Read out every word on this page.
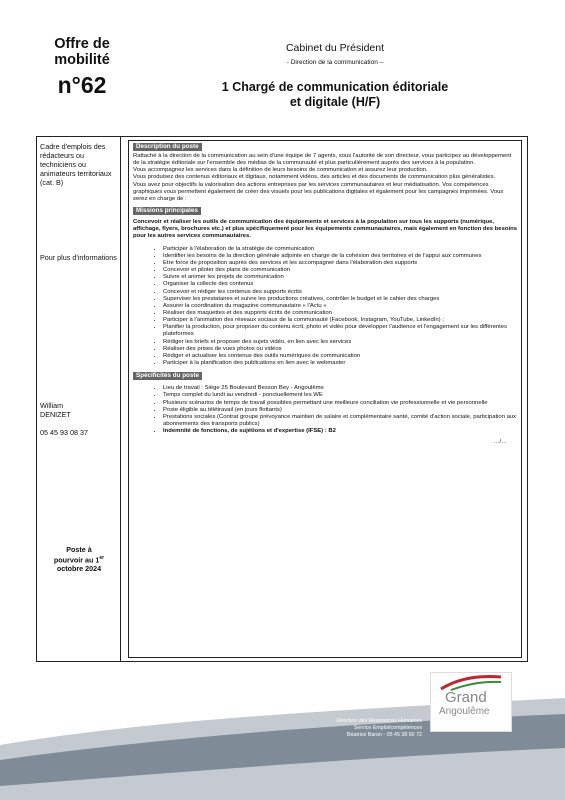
Offre de
mobilité
n°62
Cabinet du Président
- Direction de la communication –
1 Chargé de communication éditoriale
et digitale (H/F)
Cadre d'emplois des rédacteurs ou techniciens ou animateurs territoriaux (cat. B)
Pour plus d'informations
William

DENIZET

05 45 93 08 37
Poste à
pourvoir au 1er
octobre 2024
Description du poste

Rattaché à la direction de la communication au sein d'une équipe de 7 agents, sous l'autorité de son directeur, vous participez au développement de la stratégie éditoriale sur l'ensemble des médias de la communauté et plus particulièrement auprès des services à la population.

Vous accompagnez les services dans la définition de leurs besoins de communication et assurez leur production.

Vous produisez des contenus éditoriaux et digitaux, notamment vidéos, des articles et des documents de communication plus généralistes.

Vous avez pour objectifs la valorisation des actions entreprises par les services communautaires et leur médiatisation. Vos compétences graphiques vous permettent également de créer des visuels pour les publications digitales et également pour les campagnes imprimées. Vous serez en charge de :

Missions principales
Concevoir et réaliser les outils de communication des équipements et services à la population sur tous les supports (numérique, affichage, flyers, brochures etc.) et plus spécifiquement pour les équipements communautaires, mais également en fonction des besoins pour les autres services communautaires.
• Participer à l'élaboration de la stratégie de communication
• Identifier les besoins de la direction générale adjointe en charge de la cohésion des territoires et de l'appui aux communes
• Etre force de proposition auprès des services et les accompagner dans l'élaboration des supports
• Concevoir et piloter des plans de communication
• Suivre et animer les projets de communication
• Organiser la collecte des contenus
• Concevoir et rédiger les contenus des supports écrits
• Superviser les prestataires et suivre les productions créatives, contrôler le budget et le cahier des charges
• Assurer la coordination du magazine communautaire « l'Actu »
• Réaliser des maquettes et des supports écrits de communication
• Participer à l'animation des réseaux sociaux de la communauté (Facebook, Instagram, YouTube, LinkedIn) ;
• Planifier la production, pour proposer du contenu écrit, photo et vidéo pour développer l'audience et l'engagement sur les différentes plateformes
• Rédiger les briefs et proposer des sujets vidéo, en lien avec les services
• Réaliser des prises de vues photos ou vidéos
• Rédiger et actualiser les contenus des outils numériques de communication
• Participer à la planification des publications en lien avec le webmaster
Spécificités du poste
• Lieu de travail : Siège 25 Boulevard Besson Bey - Angoulême
• Temps complet du lundi au vendredi - ponctuellement les WE
• Plusieurs scénarios de temps de travail possibles permettant une meilleure conciliation vie professionnelle et vie personnelle
• Poste éligible au télétravail (en jours flottants)
• Prestations sociales (Contrat groupe prévoyance maintien de salaire et complémentaire santé, comité d'action sociale, participation aux abonnements des transports publics)
• Indemnité de fonctions, de sujétions et d'expertise (IFSE) : B2
…/…
Direction des Ressources Humaines
Service Emploi/compétences
Béatrice Baron - 05 45 38 60 72
Grand
Angoulême
